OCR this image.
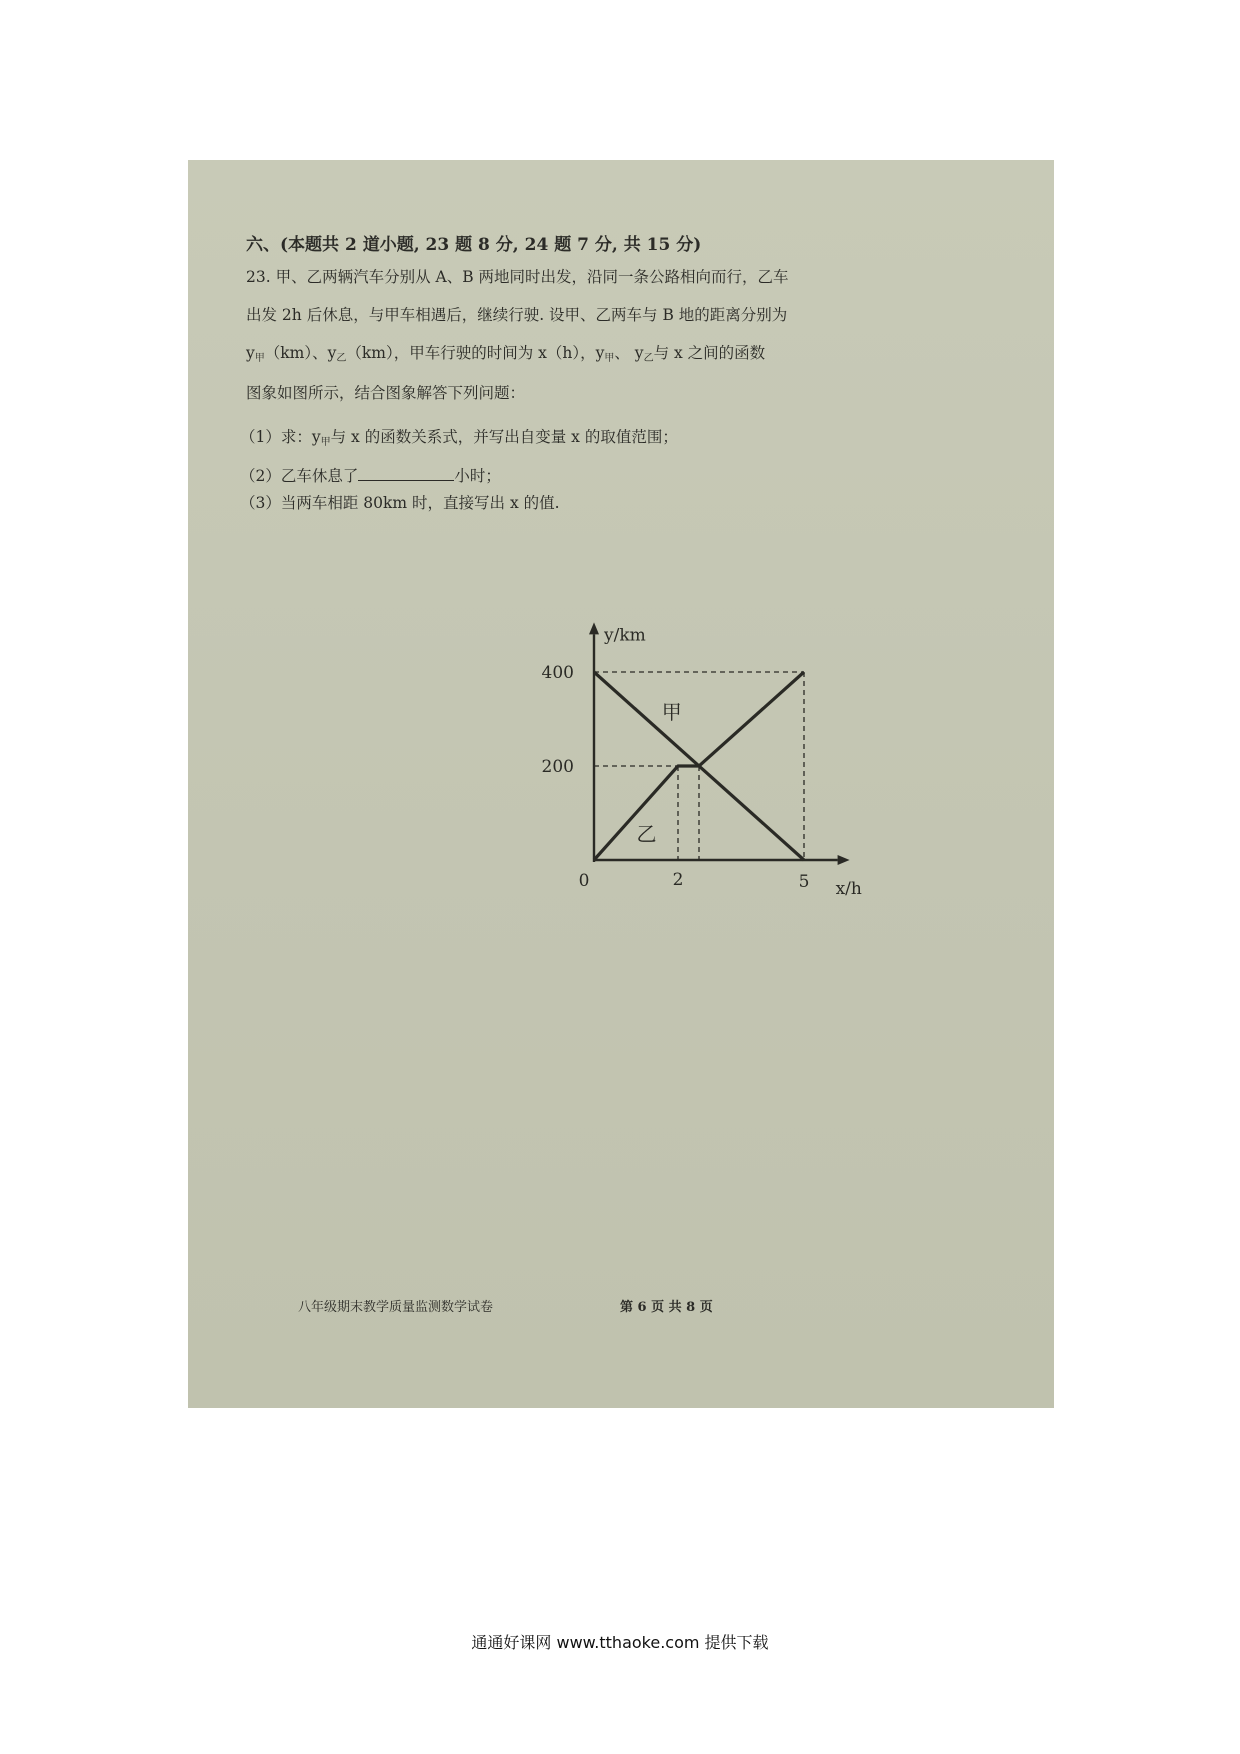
六、(本题共 2 道小题, 23 题 8 分, 24 题 7 分, 共 15 分)
23. 甲、乙两辆汽车分别从 A、B 两地同时出发，沿同一条公路相向而行，乙车
出发 2h 后休息，与甲车相遇后，继续行驶. 设甲、乙两车与 B 地的距离分别为
$y_甲(km)$、$y_乙(km)$，甲车行驶的时间为 x（h），$y_甲$、 $y_乙$与 x 之间的函数
图象如图所示，结合图象解答下列问题：
（1）求：$y_甲$与 x 的函数关系式，并写出自变量 x 的取值范围；
（2）乙车休息了	小时；
（3）当两车相距 80km 时，直接写出 x 的值.
甲
乙
0	2	5
200
400
y/km
x/h
八年级期末教学质量监测数学试卷	第 6 页 共 8 页
通通好课网 www.tthaoke.com 提供下载
